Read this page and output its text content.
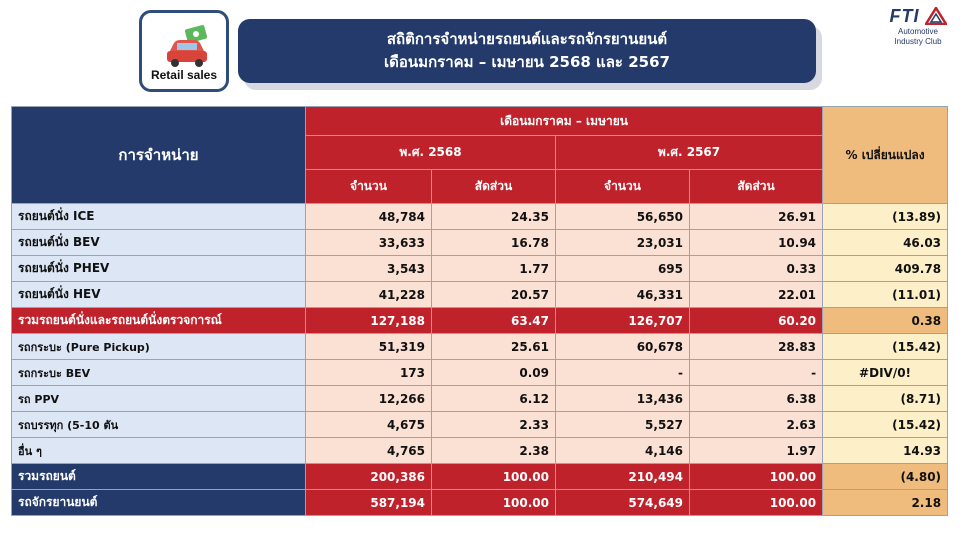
Retail sales
สถิติการจำหน่ายรถยนต์และรถจักรยานยนต์
เดือนมกราคม – เมษายน 2568 และ 2567
FTI
Automotive
Industry Club
การจำหน่าย	เดือนมกราคม – เมษายน				% เปลี่ยนแปลง
	พ.ศ. 2568		พ.ศ. 2567		
	จำนวน	สัดส่วน	จำนวน	สัดส่วน	
รถยนต์นั่ง ICE	48,784	24.35	56,650	26.91	(13.89)
รถยนต์นั่ง BEV	33,633	16.78	23,031	10.94	46.03
รถยนต์นั่ง PHEV	3,543	1.77	695	0.33	409.78
รถยนต์นั่ง HEV	41,228	20.57	46,331	22.01	(11.01)
รวมรถยนต์นั่งและรถยนต์นั่งตรวจการณ์	127,188	63.47	126,707	60.20	0.38
รถกระบะ (Pure Pickup)	51,319	25.61	60,678	28.83	(15.42)
รถกระบะ BEV	173	0.09	-	-	#DIV/0!
รถ PPV	12,266	6.12	13,436	6.38	(8.71)
รถบรรทุก (5-10 ตัน	4,675	2.33	5,527	2.63	(15.42)
อื่น ๆ	4,765	2.38	4,146	1.97	14.93
รวมรถยนต์	200,386	100.00	210,494	100.00	(4.80)
รถจักรยานยนต์	587,194	100.00	574,649	100.00	2.18
